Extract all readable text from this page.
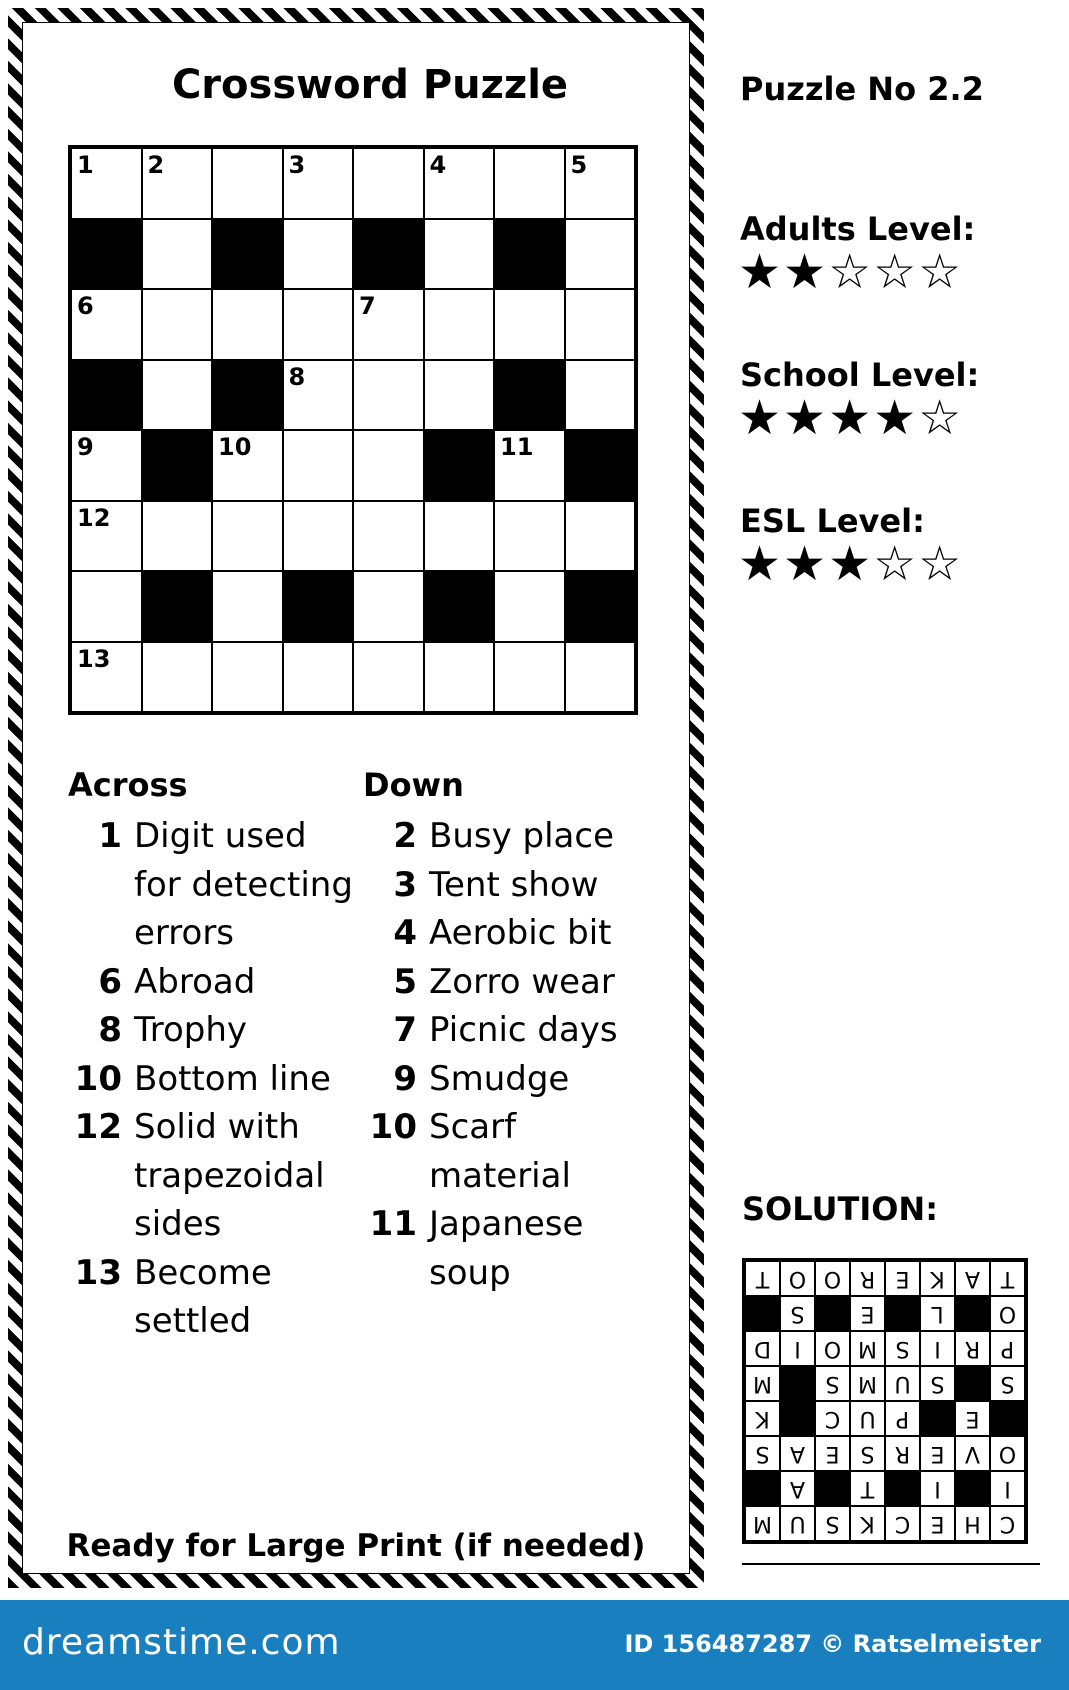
Crossword Puzzle
1 2	3	4	5
6	7
8
9	10	11
12
13
Across	Down
1 Digit used
for detecting
errors
6 Abroad
8 Trophy
10 Bottom line
12 Solid with
trapezoidal
sides
13 Become
settled
2 Busy place
3 Tent show
4 Aerobic bit
5 Zorro wear
7 Picnic days
9 Smudge
10 Scarf
material
11 Japanese
soup
Ready for Large Print (if needed)
Puzzle No 2.2
Adults Level:
★★☆☆☆
School Level:
★★★★☆
ESL Level:
★★★☆☆
SOLUTION:
C
H
E
C
K
S
U
M
I
I
T
A
O
V
E
R
S
E
A
S
E
P
U
C
K
S
S
U
M
S
M
P
R
I
S
M
O
I
D
O
L
E
S
T
A
K
E
R
O
O
T
dreamstime.com	ID 156487287 © Ratselmeister
